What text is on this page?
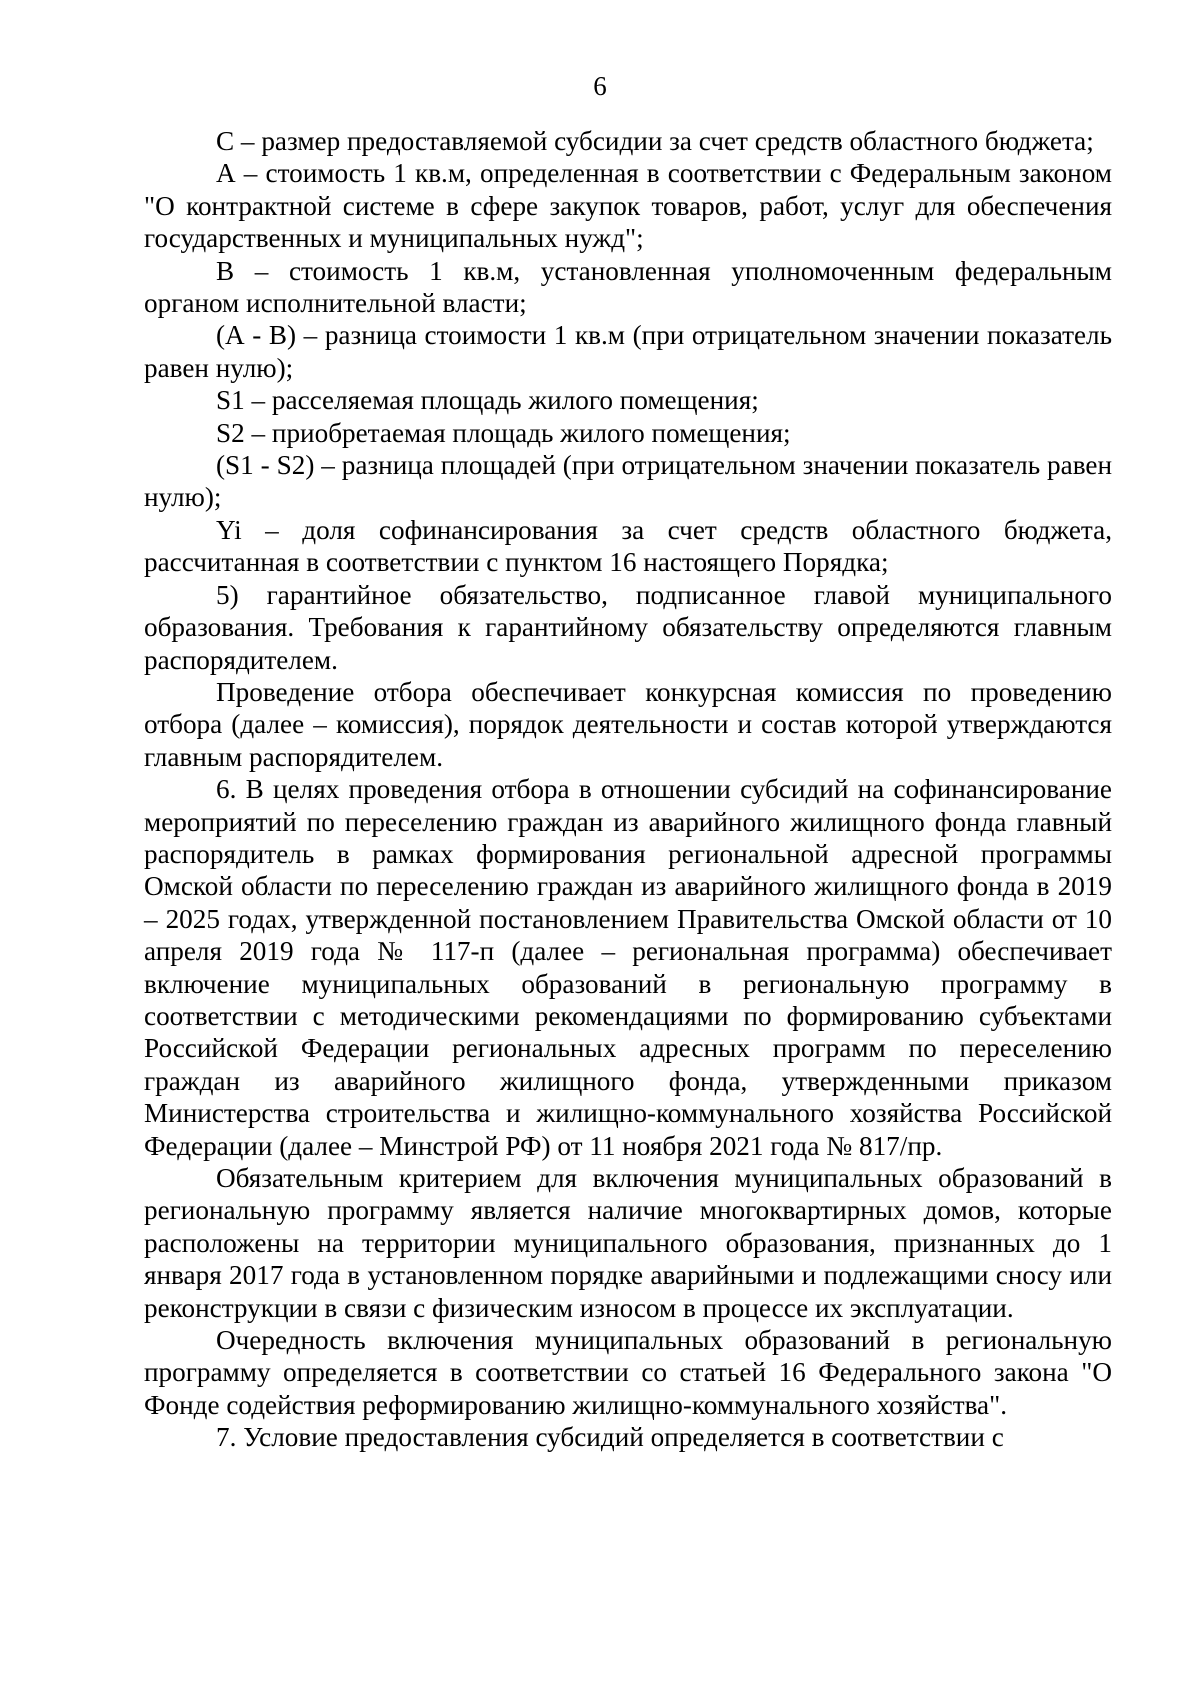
6

С – размер предоставляемой субсидии за счет средств областного бюджета;

А – стоимость 1 кв.м, определенная в соответствии с Федеральным законом "О контрактной системе в сфере закупок товаров, работ, услуг для обеспечения государственных и муниципальных нужд";

В – стоимость 1 кв.м, установленная уполномоченным федеральным органом исполнительной власти;

(А - В) – разница стоимости 1 кв.м (при отрицательном значении показатель равен нулю);

S1 – расселяемая площадь жилого помещения;

S2 – приобретаемая площадь жилого помещения;

(S1 - S2) – разница площадей (при отрицательном значении показатель равен нулю);

Yi – доля софинансирования за счет средств областного бюджета, рассчитанная в соответствии с пунктом 16 настоящего Порядка;

5) гарантийное обязательство, подписанное главой муниципального образования. Требования к гарантийному обязательству определяются главным распорядителем.

Проведение отбора обеспечивает конкурсная комиссия по проведению отбора (далее – комиссия), порядок деятельности и состав которой утверждаются главным распорядителем.

6. В целях проведения отбора в отношении субсидий на софинансирование мероприятий по переселению граждан из аварийного жилищного фонда главный распорядитель в рамках формирования региональной адресной программы Омской области по переселению граждан из аварийного жилищного фонда в 2019 – 2025 годах, утвержденной постановлением Правительства Омской области от 10 апреля 2019 года № 117-п (далее – региональная программа) обеспечивает включение муниципальных образований в региональную программу в соответствии с методическими рекомендациями по формированию субъектами Российской Федерации региональных адресных программ по переселению граждан из аварийного жилищного фонда, утвержденными приказом Министерства строительства и жилищно-коммунального хозяйства Российской Федерации (далее – Минстрой РФ) от 11 ноября 2021 года № 817/пр.

Обязательным критерием для включения муниципальных образований в региональную программу является наличие многоквартирных домов, которые расположены на территории муниципального образования, признанных до 1 января 2017 года в установленном порядке аварийными и подлежащими сносу или реконструкции в связи с физическим износом в процессе их эксплуатации.

Очередность включения муниципальных образований в региональную программу определяется в соответствии со статьей 16 Федерального закона "О Фонде содействия реформированию жилищно-коммунального хозяйства".

7. Условие предоставления субсидий определяется в соответствии с
